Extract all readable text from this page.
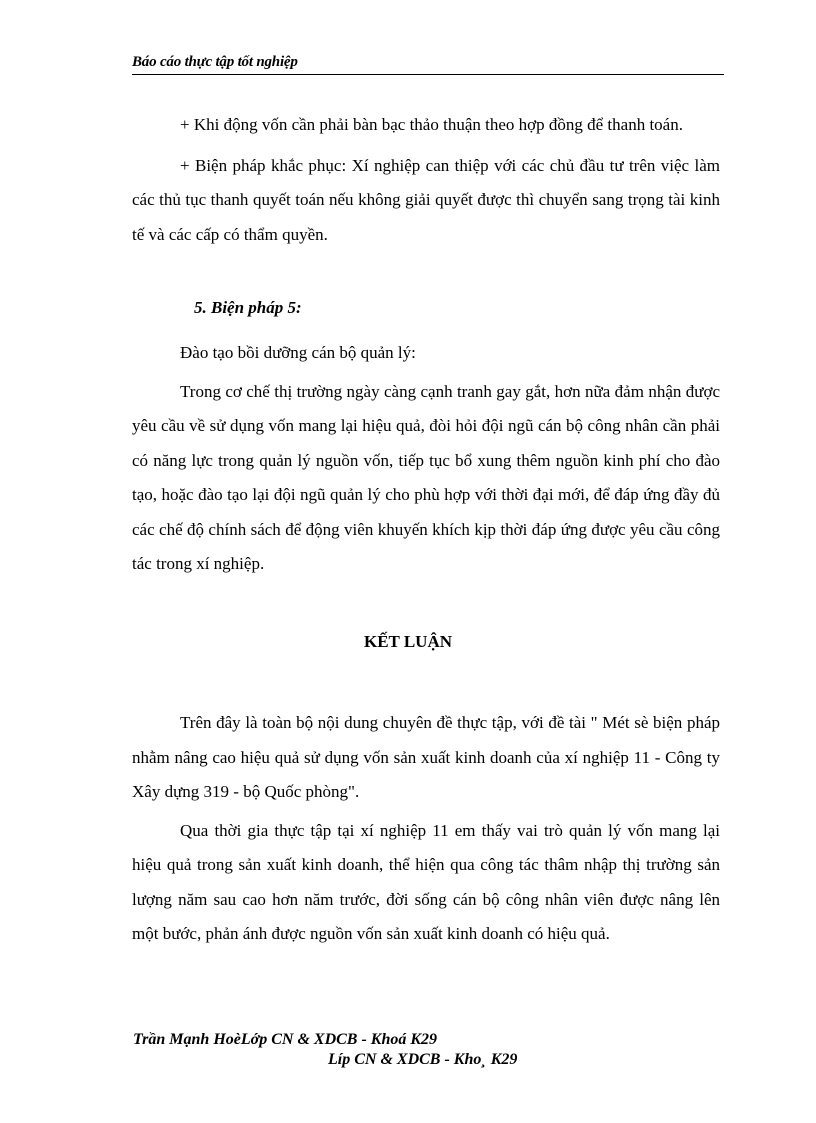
Báo cáo thực tập tốt nghiệp

+ Khi động vốn cần phải bàn bạc thảo thuận theo hợp đồng để thanh toán.

+ Biện pháp khắc phục: Xí nghiệp can thiệp với các chủ đầu tư trên việc làm các thủ tục thanh quyết toán nếu không giải quyết được thì chuyển sang trọng tài kinh tế và các cấp có thẩm quyền.

5. Biện pháp 5:

Đào tạo bồi dưỡng cán bộ quản lý:

Trong cơ chế thị trường ngày càng cạnh tranh gay gắt, hơn nữa đảm nhận được yêu cầu về sử dụng vốn mang lại hiệu quả, đòi hỏi đội ngũ cán bộ công nhân cần phải có năng lực trong quản lý nguồn vốn, tiếp tục bổ xung thêm nguồn kinh phí cho đào tạo, hoặc đào tạo lại đội ngũ quản lý cho phù hợp với thời đại mới, để đáp ứng đầy đủ các chế độ chính sách để động viên khuyến khích kịp thời đáp ứng được yêu cầu công tác trong xí nghiệp.

KẾT LUẬN

Trên đây là toàn bộ nội dung chuyên đề thực tập, với đề tài " Mét sè biện pháp nhằm nâng cao hiệu quả sử dụng vốn sản xuất kinh doanh của xí nghiệp 11 - Công ty Xây dựng 319 - bộ Quốc phòng".

Qua thời gia thực tập tại xí nghiệp 11 em thấy vai trò quản lý vốn mang lại hiệu quả trong sản xuất kinh doanh, thể hiện qua công tác thâm nhập thị trường sản lượng năm sau cao hơn năm trước, đời sống cán bộ công nhân viên được nâng lên một bước, phản ánh được nguồn vốn sản xuất kinh doanh có hiệu quả.

Trần Mạnh HoèLớp CN & XDCB - Khoá K29
Líp CN & XDCB - Kho¸ K29
